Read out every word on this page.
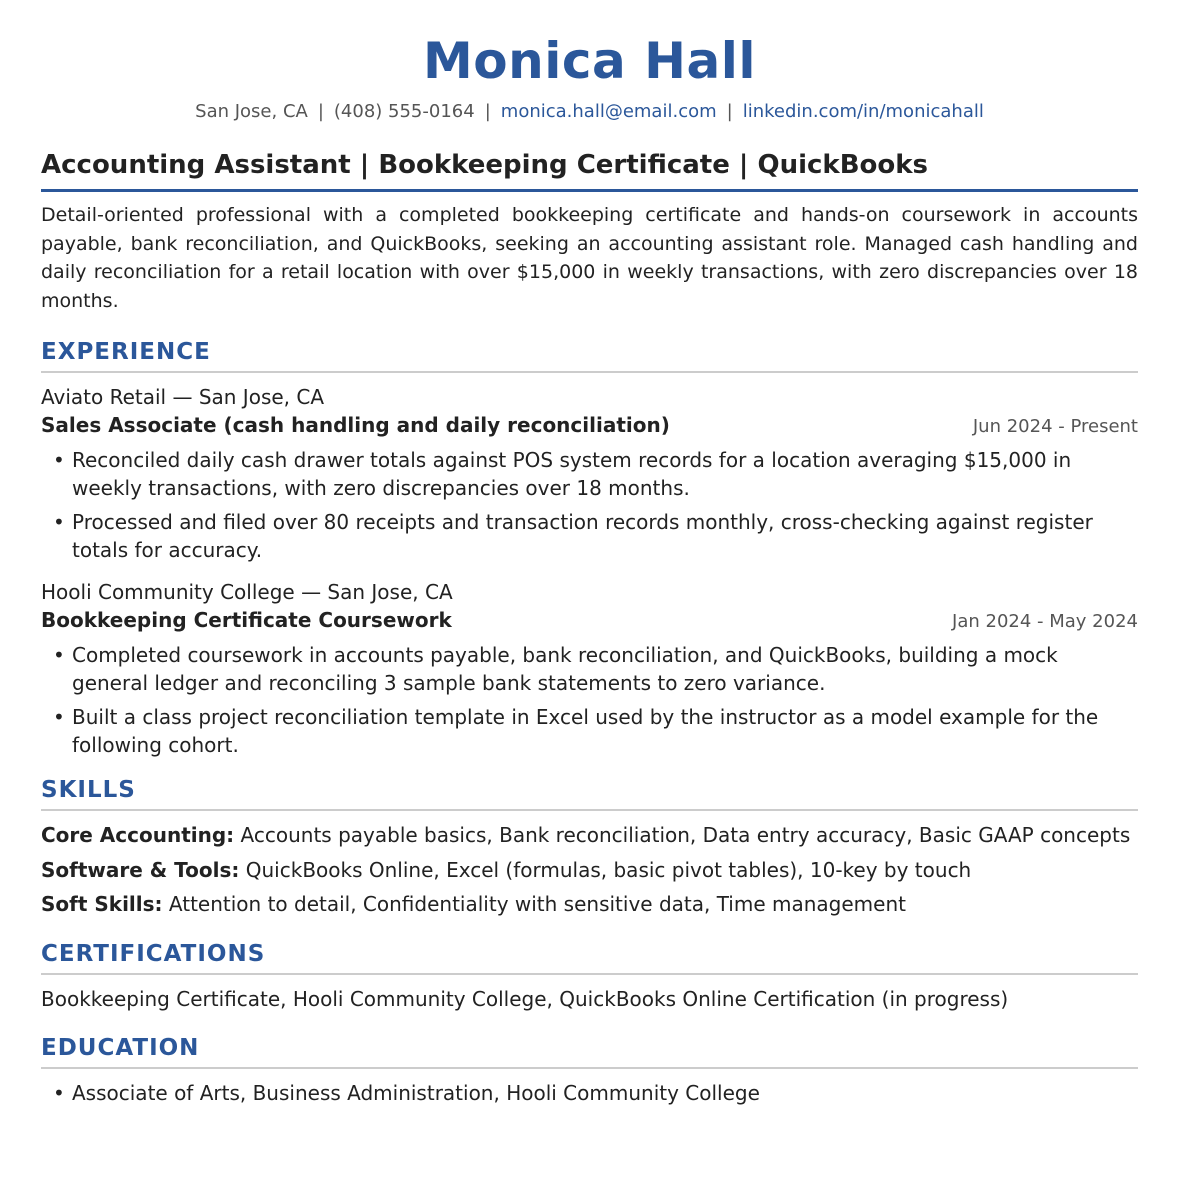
Monica Hall
San Jose, CA | (408) 555-0164 | monica.hall@email.com | linkedin.com/in/monicahall
Accounting Assistant | Bookkeeping Certificate | QuickBooks
Detail-oriented professional with a completed bookkeeping certificate and hands-on coursework in accounts payable, bank reconciliation, and QuickBooks, seeking an accounting assistant role. Managed cash handling and daily reconciliation for a retail location with over $15,000 in weekly transactions, with zero discrepancies over 18 months.
EXPERIENCE
Aviato Retail — San Jose, CA
Sales Associate (cash handling and daily reconciliation)	Jun 2024 - Present
• Reconciled daily cash drawer totals against POS system records for a location averaging $15,000 in weekly transactions, with zero discrepancies over 18 months.
• Processed and filed over 80 receipts and transaction records monthly, cross-checking against register totals for accuracy.
Hooli Community College — San Jose, CA
Bookkeeping Certificate Coursework	Jan 2024 - May 2024
• Completed coursework in accounts payable, bank reconciliation, and QuickBooks, building a mock general ledger and reconciling 3 sample bank statements to zero variance.
• Built a class project reconciliation template in Excel used by the instructor as a model example for the following cohort.
SKILLS
Core Accounting: Accounts payable basics, Bank reconciliation, Data entry accuracy, Basic GAAP concepts
Software & Tools: QuickBooks Online, Excel (formulas, basic pivot tables), 10-key by touch
Soft Skills: Attention to detail, Confidentiality with sensitive data, Time management
CERTIFICATIONS
Bookkeeping Certificate, Hooli Community College, QuickBooks Online Certification (in progress)
EDUCATION
• Associate of Arts, Business Administration, Hooli Community College
